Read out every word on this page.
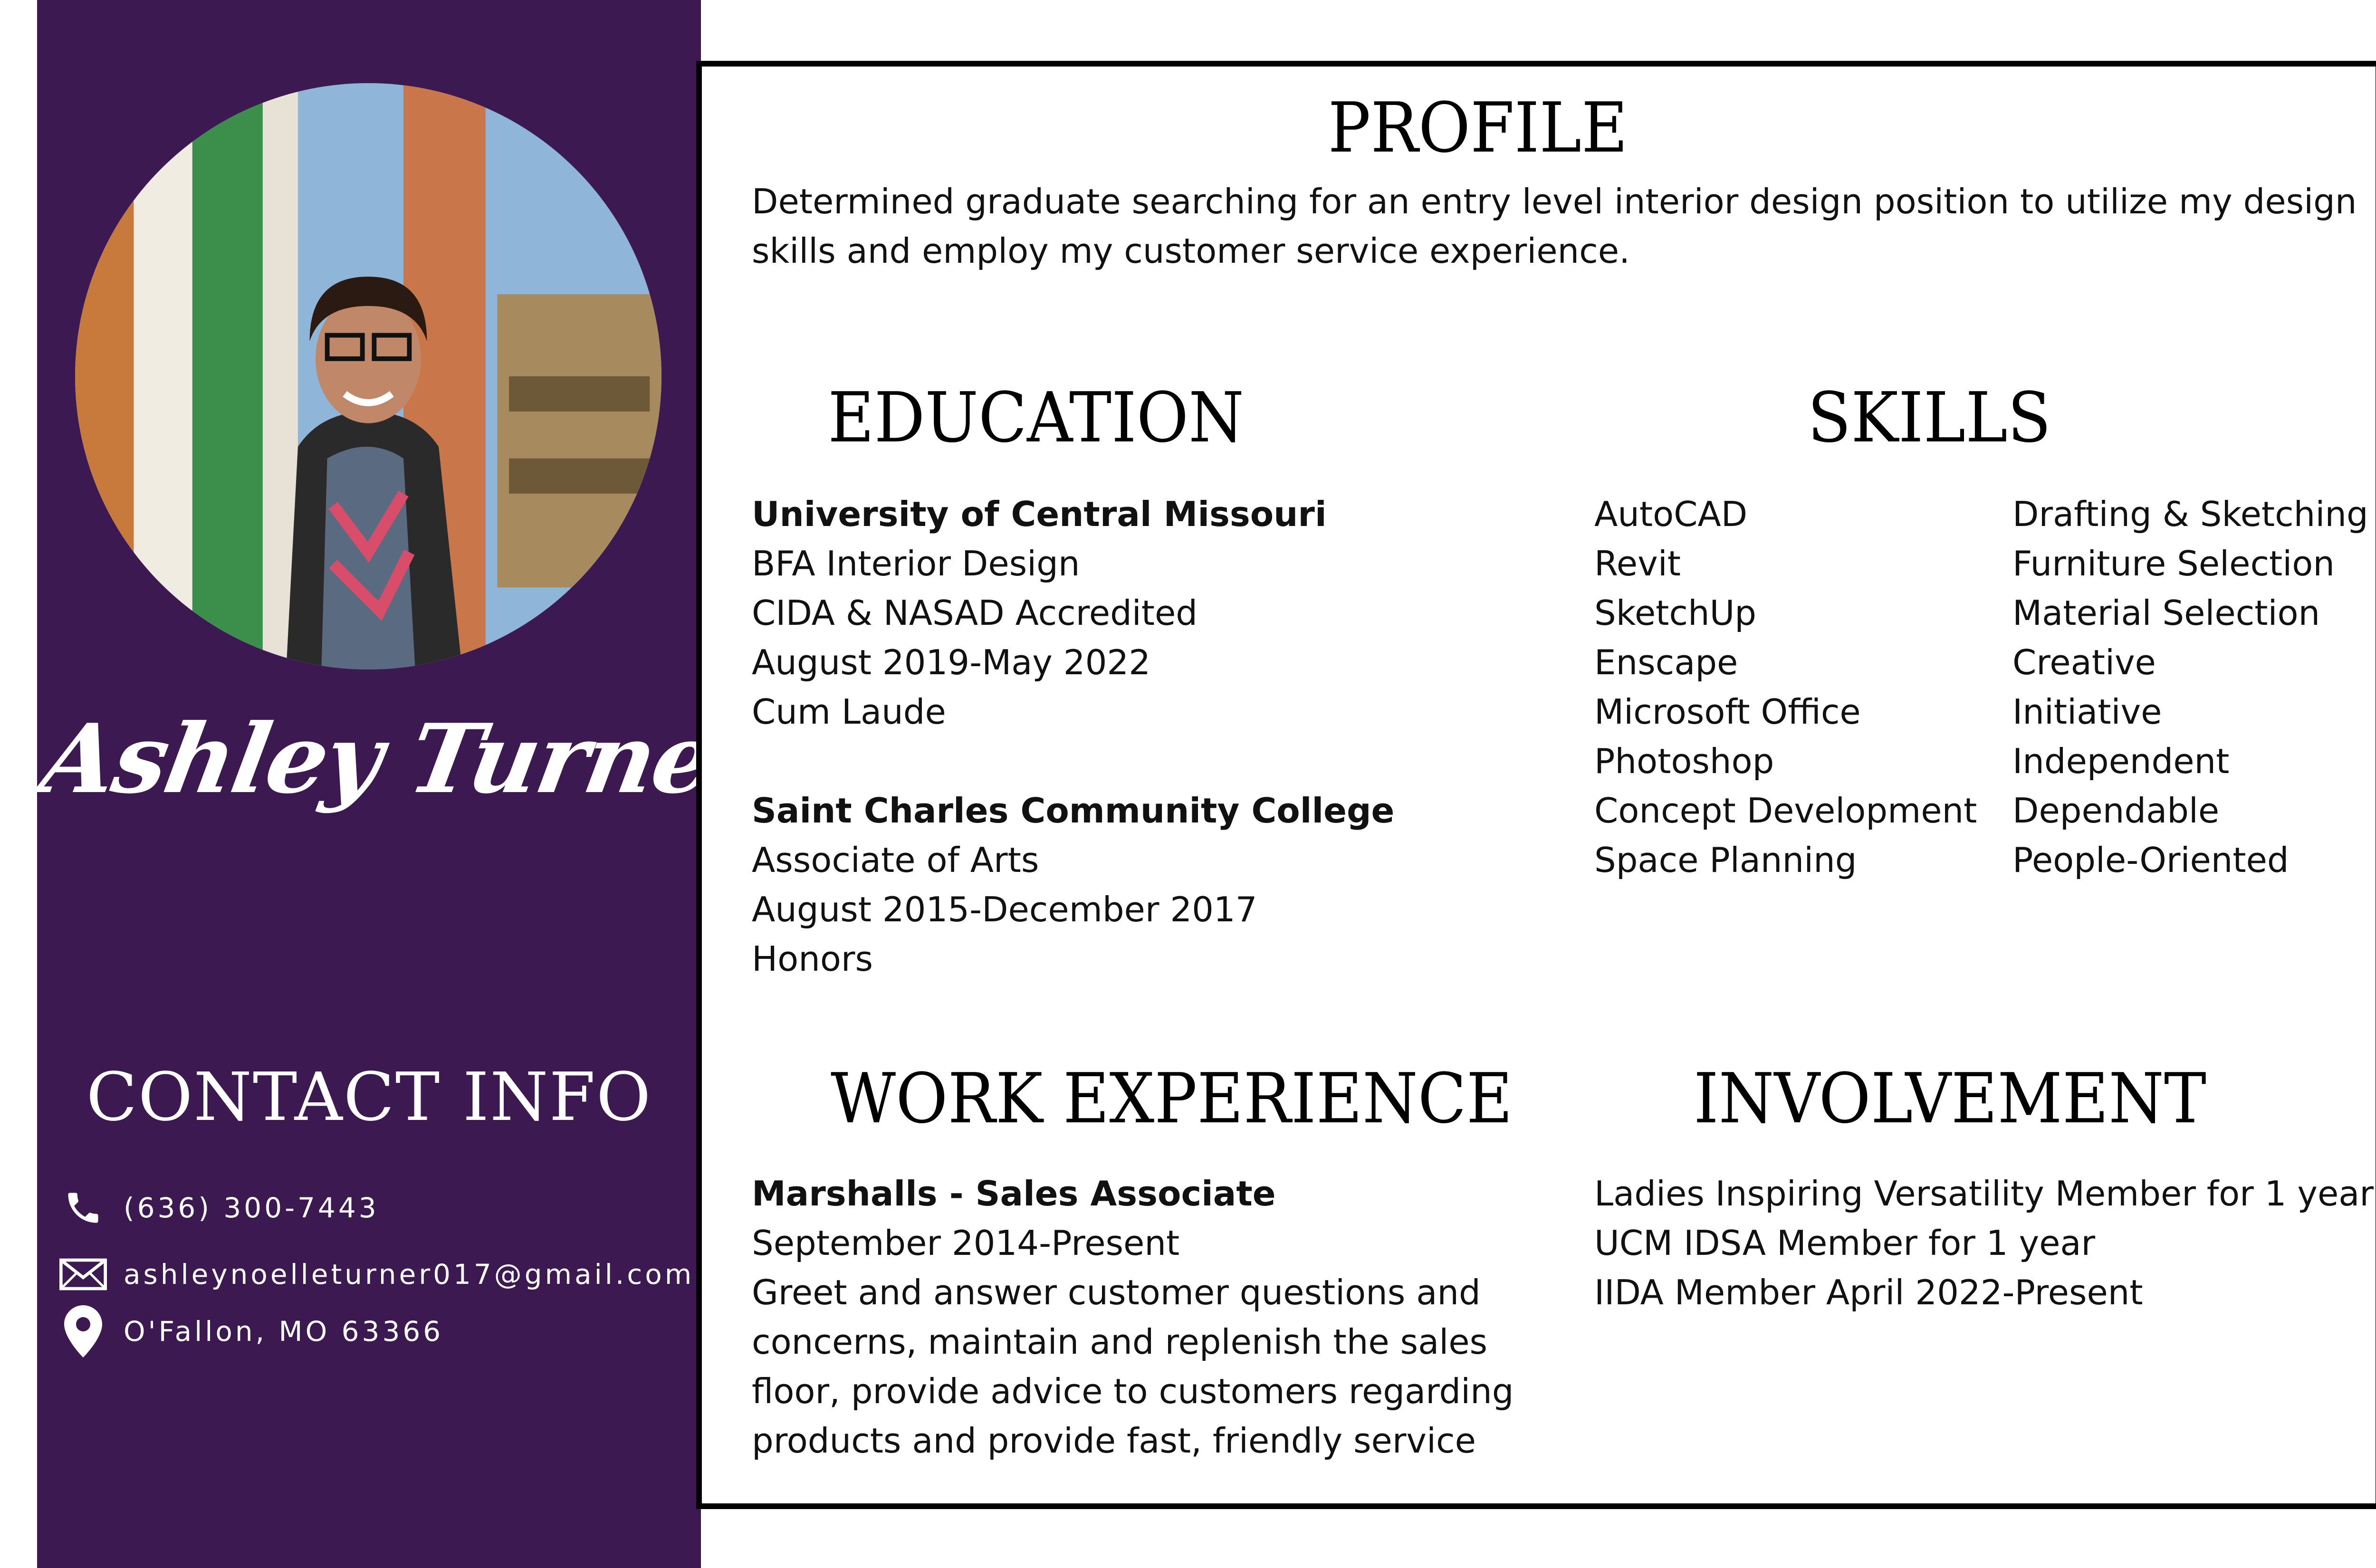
Ashley Turner
CONTACT INFO
(636) 300-7443
ashleynoelleturner017@gmail.com
O'Fallon, MO 63366
PROFILE
Determined graduate searching for an entry level interior design position to utilize my design
skills and employ my customer service experience.
EDUCATION
University of Central Missouri
BFA Interior Design
CIDA & NASAD Accredited
August 2019-May 2022
Cum Laude
Saint Charles Community College
Associate of Arts
August 2015-December 2017
Honors
SKILLS
AutoCAD
Revit
SketchUp
Enscape
Microsoft Office
Photoshop
Concept Development
Space Planning
Drafting & Sketching
Furniture Selection
Material Selection
Creative
Initiative
Independent
Dependable
People-Oriented
WORK EXPERIENCE
Marshalls - Sales Associate
September 2014-Present
Greet and answer customer questions and
concerns, maintain and replenish the sales
floor, provide advice to customers regarding
products and provide fast, friendly service
INVOLVEMENT
Ladies Inspiring Versatility Member for 1 year
UCM IDSA Member for 1 year
IIDA Member April 2022-Present
